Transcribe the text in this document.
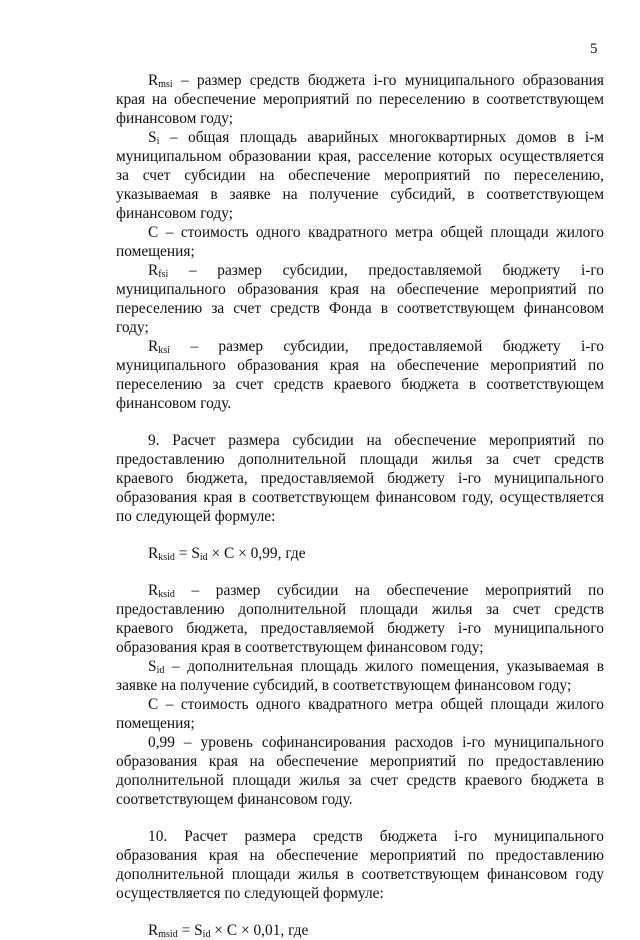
5

$R_{msi}$ – размер средств бюджета i-го муниципального образования края на обеспечение мероприятий по переселению в соответствующем финансовом году;

$S_i$ – общая площадь аварийных многоквартирных домов в i-м муниципальном образовании края, расселение которых осуществляется за счет субсидии на обеспечение мероприятий по переселению, указываемая в заявке на получение субсидий, в соответствующем финансовом году;

С – стоимость одного квадратного метра общей площади жилого помещения;

$R_{fsi}$ – размер субсидии, предоставляемой бюджету i-го муниципального образования края на обеспечение мероприятий по переселению за счет средств Фонда в соответствующем финансовом году;

$R_{ksi}$ – размер субсидии, предоставляемой бюджету i-го муниципального образования края на обеспечение мероприятий по переселению за счет средств краевого бюджета в соответствующем финансовом году.

9. Расчет размера субсидии на обеспечение мероприятий по предоставлению дополнительной площади жилья за счет средств краевого бюджета, предоставляемой бюджету i-го муниципального образования края в соответствующем финансовом году, осуществляется по следующей формуле:

$R_{ksid} = S_{id} \times С \times 0,99$, где

$R_{ksid}$ – размер субсидии на обеспечение мероприятий по предоставлению дополнительной площади жилья за счет средств краевого бюджета, предоставляемой бюджету i-го муниципального образования края в соответствующем финансовом году;

$S_{id}$ – дополнительная площадь жилого помещения, указываемая в заявке на получение субсидий, в соответствующем финансовом году;

С – стоимость одного квадратного метра общей площади жилого помещения;

0,99 – уровень софинансирования расходов i-го муниципального образования края на обеспечение мероприятий по предоставлению дополнительной площади жилья за счет средств краевого бюджета в соответствующем финансовом году.

10. Расчет размера средств бюджета i-го муниципального образования края на обеспечение мероприятий по предоставлению дополнительной площади жилья в соответствующем финансовом году осуществляется по следующей формуле:

$R_{msid} = S_{id} \times С \times 0,01$, где
